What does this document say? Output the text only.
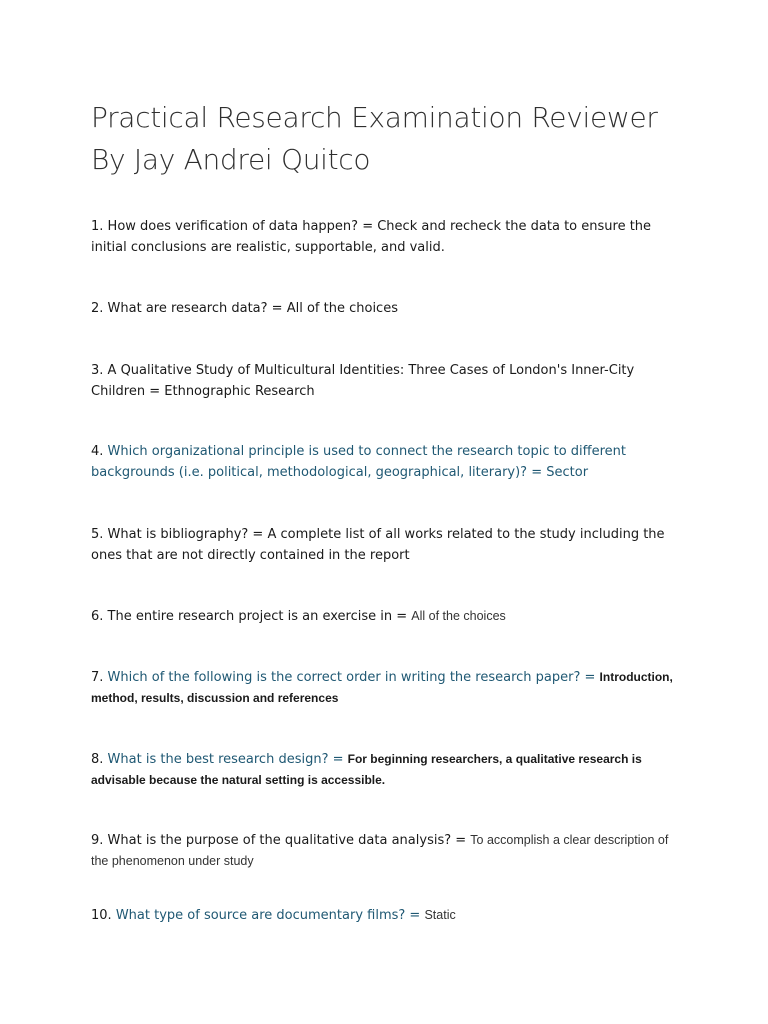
Practical Research Examination Reviewer By Jay Andrei Quitco

1. How does verification of data happen? = Check and recheck the data to ensure the initial conclusions are realistic, supportable, and valid.

2. What are research data? = All of the choices

3. A Qualitative Study of Multicultural Identities: Three Cases of London's Inner-City Children = Ethnographic Research

4. Which organizational principle is used to connect the research topic to different backgrounds (i.e. political, methodological, geographical, literary)? = Sector

5. What is bibliography? = A complete list of all works related to the study including the ones that are not directly contained in the report

6. The entire research project is an exercise in = All of the choices

7. Which of the following is the correct order in writing the research paper? = Introduction, method, results, discussion and references

8. What is the best research design? = For beginning researchers, a qualitative research is advisable because the natural setting is accessible.

9. What is the purpose of the qualitative data analysis? = To accomplish a clear description of the phenomenon under study

10. What type of source are documentary films? = Static
